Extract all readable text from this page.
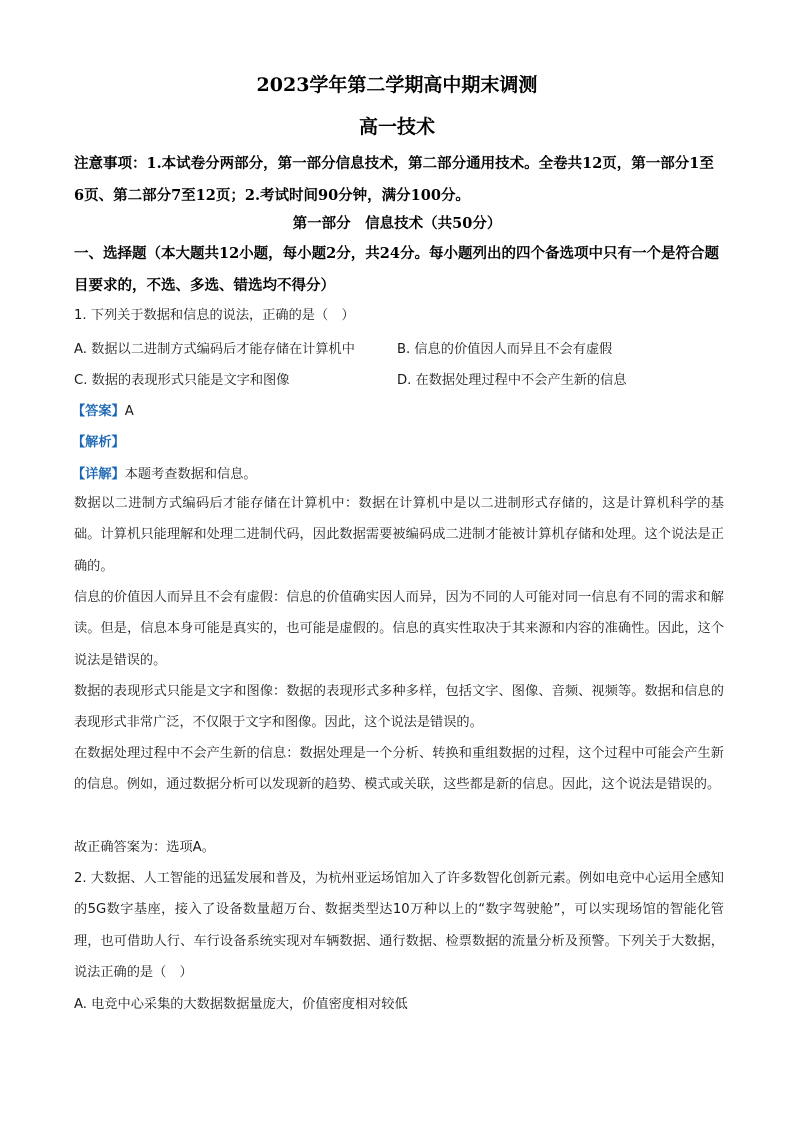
2023学年第二学期高中期末调测
高一技术
注意事项：1.本试卷分两部分，第一部分信息技术，第二部分通用技术。全卷共12页，第一部分1至6页、第二部分7至12页；2.考试时间90分钟，满分100分。
第一部分　信息技术（共50分）
一、选择题（本大题共12小题，每小题2分，共24分。每小题列出的四个备选项中只有一个是符合题目要求的，不选、多选、错选均不得分）
1. 下列关于数据和信息的说法，正确的是（　）
A. 数据以二进制方式编码后才能存储在计算机中	B. 信息的价值因人而异且不会有虚假
C. 数据的表现形式只能是文字和图像	D. 在数据处理过程中不会产生新的信息
【答案】A
【解析】
【详解】本题考查数据和信息。
数据以二进制方式编码后才能存储在计算机中：数据在计算机中是以二进制形式存储的，这是计算机科学的基础。计算机只能理解和处理二进制代码，因此数据需要被编码成二进制才能被计算机存储和处理。这个说法是正确的。
信息的价值因人而异且不会有虚假：信息的价值确实因人而异，因为不同的人可能对同一信息有不同的需求和解读。但是，信息本身可能是真实的，也可能是虚假的。信息的真实性取决于其来源和内容的准确性。因此，这个说法是错误的。
数据的表现形式只能是文字和图像：数据的表现形式多种多样，包括文字、图像、音频、视频等。数据和信息的表现形式非常广泛，不仅限于文字和图像。因此，这个说法是错误的。
在数据处理过程中不会产生新的信息：数据处理是一个分析、转换和重组数据的过程，这个过程中可能会产生新的信息。例如，通过数据分析可以发现新的趋势、模式或关联，这些都是新的信息。因此，这个说法是错误的。
故正确答案为：选项A。
2. 大数据、人工智能的迅猛发展和普及，为杭州亚运场馆加入了许多数智化创新元素。例如电竞中心运用全感知的5G数字基座，接入了设备数量超万台、数据类型达10万种以上的“数字驾驶舱”，可以实现场馆的智能化管理，也可借助人行、车行设备系统实现对车辆数据、通行数据、检票数据的流量分析及预警。下列关于大数据，说法正确的是（　）
A. 电竞中心采集的大数据数据量庞大，价值密度相对较低
